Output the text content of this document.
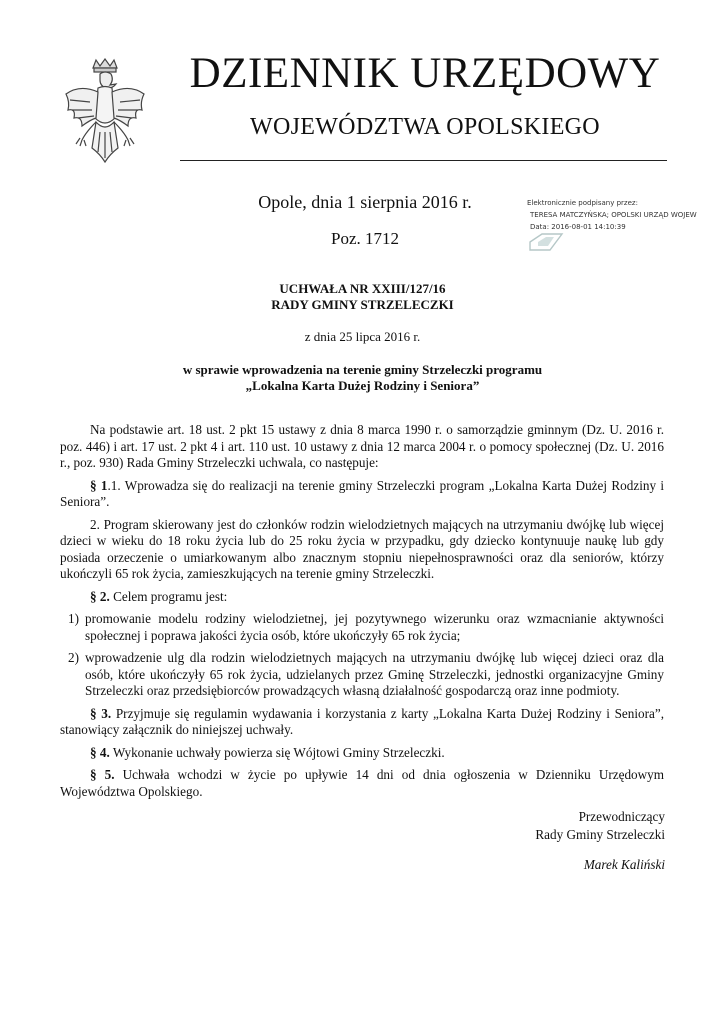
DZIENNIK URZĘDOWY
WOJEWÓDZTWA OPOLSKIEGO
Opole, dnia 1 sierpnia 2016 r.
Poz. 1712
Elektronicznie podpisany przez:
TERESA MATCZYŃSKA; OPOLSKI URZĄD WOJEW
Data: 2016-08-01 14:10:39
UCHWAŁA NR XXIII/127/16
RADY GMINY STRZELECZKI
z dnia 25 lipca 2016 r.
w sprawie wprowadzenia na terenie gminy Strzeleczki programu
„Lokalna Karta Dużej Rodziny i Seniora”

Na podstawie art. 18 ust. 2 pkt 15 ustawy z dnia 8 marca 1990 r. o samorządzie gminnym (Dz. U. 2016 r. poz. 446) i art. 17 ust. 2 pkt 4 i art. 110 ust. 10 ustawy z dnia 12 marca 2004 r. o pomocy społecznej (Dz. U. 2016 r., poz. 930) Rada Gminy Strzeleczki uchwala, co następuje:

§ 1.1. Wprowadza się do realizacji na terenie gminy Strzeleczki program „Lokalna Karta Dużej Rodziny i Seniora”.

2. Program skierowany jest do członków rodzin wielodzietnych mających na utrzymaniu dwójkę lub więcej dzieci w wieku do 18 roku życia lub do 25 roku życia w przypadku, gdy dziecko kontynuuje naukę lub gdy posiada orzeczenie o umiarkowanym albo znacznym stopniu niepełnosprawności oraz dla seniorów, którzy ukończyli 65 rok życia, zamieszkujących na terenie gminy Strzeleczki.

§ 2. Celem programu jest:

1) promowanie modelu rodziny wielodzietnej, jej pozytywnego wizerunku oraz wzmacnianie aktywności społecznej i poprawa jakości życia osób, które ukończyły 65 rok życia;

2) wprowadzenie ulg dla rodzin wielodzietnych mających na utrzymaniu dwójkę lub więcej dzieci oraz dla osób, które ukończyły 65 rok życia, udzielanych przez Gminę Strzeleczki, jednostki organizacyjne Gminy Strzeleczki oraz przedsiębiorców prowadzących własną działalność gospodarczą oraz inne podmioty.

§ 3. Przyjmuje się regulamin wydawania i korzystania z karty „Lokalna Karta Dużej Rodziny i Seniora”, stanowiący załącznik do niniejszej uchwały.

§ 4. Wykonanie uchwały powierza się Wójtowi Gminy Strzeleczki.

§ 5. Uchwała wchodzi w życie po upływie 14 dni od dnia ogłoszenia w Dzienniku Urzędowym Województwa Opolskiego.

Przewodniczący
Rady Gminy Strzeleczki
Marek Kaliński
